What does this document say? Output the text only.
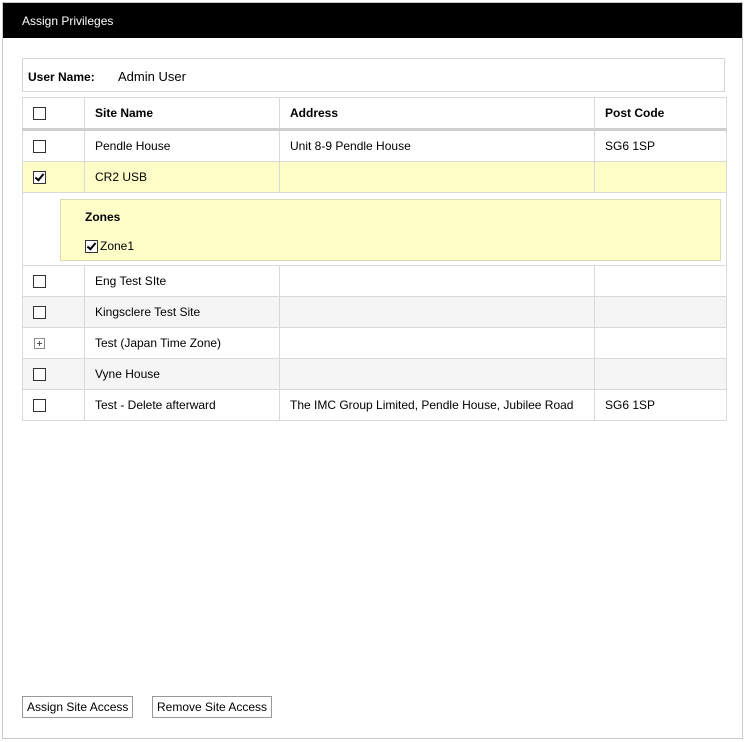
Assign Privileges
User Name: Admin User
	Site Name	Address	Post Code
	Pendle House	Unit 8-9 Pendle House	SG6 1SP
	CR2 USB		

Zones
Zone1			

	Eng Test SIte		
	Kingsclere Test Site		
	Test (Japan Time Zone)		
	Vyne House		
	Test - Delete afterward	The IMC Group Limited, Pendle House, Jubilee Road	SG6 1SP
Assign Site Access	Remove Site Access
